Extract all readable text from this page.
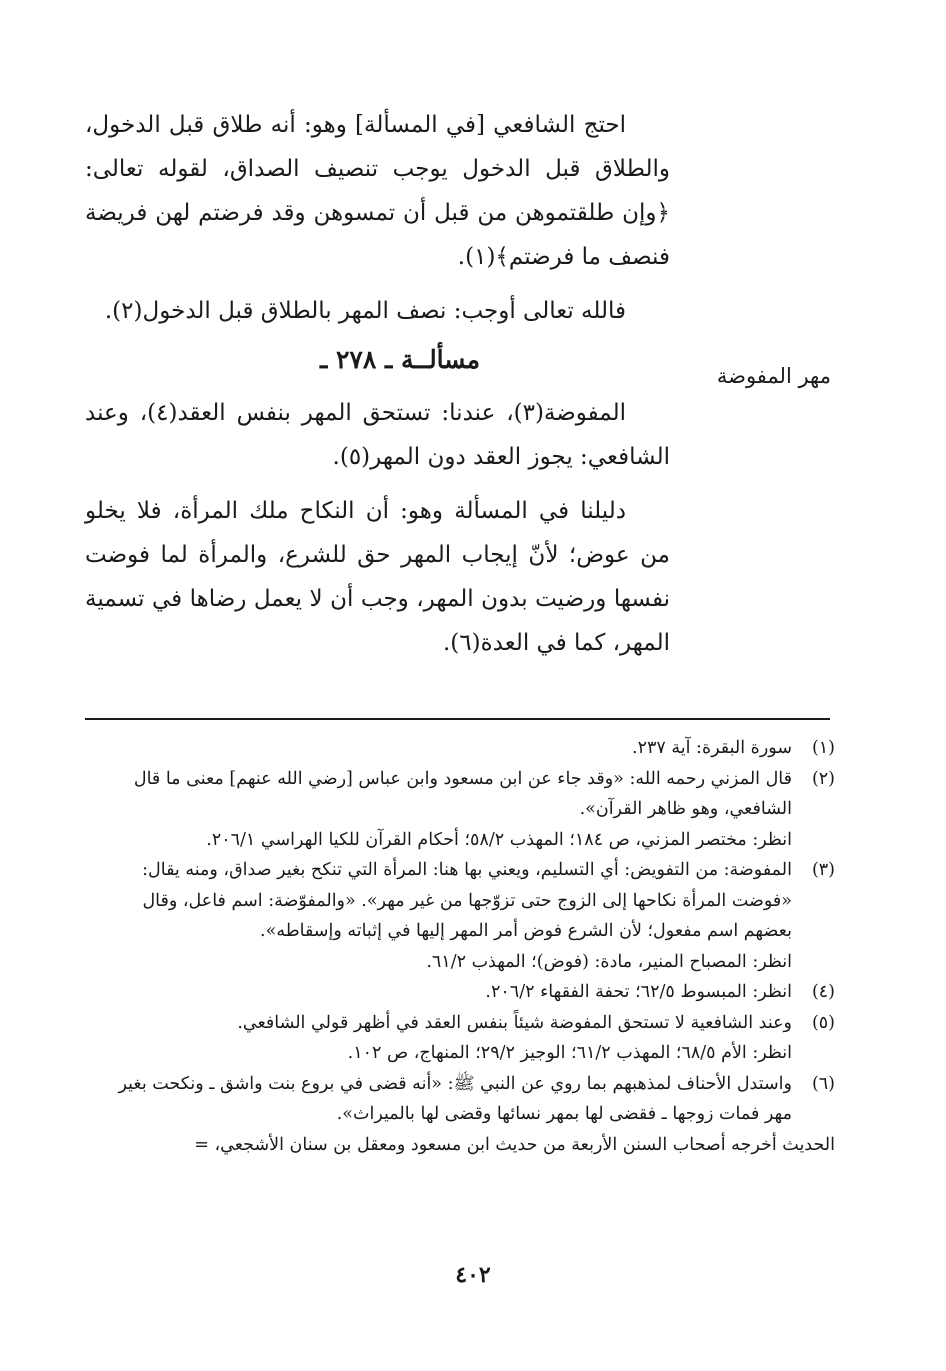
مهر المفوضة

احتج الشافعي [في المسألة] وهو: أنه طلاق قبل الدخول، والطلاق قبل الدخول يوجب تنصيف الصداق، لقوله تعالى: ﴿وإن طلقتموهن من قبل أن تمسوهن وقد فرضتم لهن فريضة فنصف ما فرضتم﴾(١).

فالله تعالى أوجب: نصف المهر بالطلاق قبل الدخول(٢).

مسألــة ـ ٢٧٨ ـ

المفوضة(٣)، عندنا: تستحق المهر بنفس العقد(٤)، وعند الشافعي: يجوز العقد دون المهر(٥).

دليلنا في المسألة وهو: أن النكاح ملك المرأة، فلا يخلو من عوض؛ لأنّ إيجاب المهر حق للشرع، والمرأة لما فوضت نفسها ورضيت بدون المهر، وجب أن لا يعمل رضاها في تسمية المهر، كما في العدة(٦).

(١)
سورة البقرة: آية ٢٣٧.
(٢)
قال المزني رحمه الله: «وقد جاء عن ابن مسعود وابن عباس [رضي الله عنهم] معنى ما قال الشافعي، وهو ظاهر القرآن».
انظر: مختصر المزني، ص ١٨٤؛ المهذب ٥٨/٢؛ أحكام القرآن للكيا الهراسي ٢٠٦/١.
(٣)
المفوضة: من التفويض: أي التسليم، ويعني بها هنا: المرأة التي تنكح بغير صداق، ومنه يقال: «فوضت المرأة نكاحها إلى الزوج حتى تزوّجها من غير مهر». «والمفوّضة: اسم فاعل، وقال بعضهم اسم مفعول؛ لأن الشرع فوض أمر المهر إليها في إثباته وإسقاطه».
انظر: المصباح المنير، مادة: (فوض)؛ المهذب ٦١/٢.
(٤)
انظر: المبسوط ٦٢/٥؛ تحفة الفقهاء ٢٠٦/٢.
(٥)
وعند الشافعية لا تستحق المفوضة شيئاً بنفس العقد في أظهر قولي الشافعي.
انظر: الأم ٦٨/٥؛ المهذب ٦١/٢؛ الوجيز ٢٩/٢؛ المنهاج، ص ١٠٢.
(٦)
واستدل الأحناف لمذهبهم بما روي عن النبي ﷺ: «أنه قضى في بروع بنت واشق ـ ونكحت بغير مهر فمات زوجها ـ فقضى لها بمهر نسائها وقضى لها بالميراث».
الحديث أخرجه أصحاب السنن الأربعة من حديث ابن مسعود ومعقل بن سنان الأشجعي، =
٤٠٢
